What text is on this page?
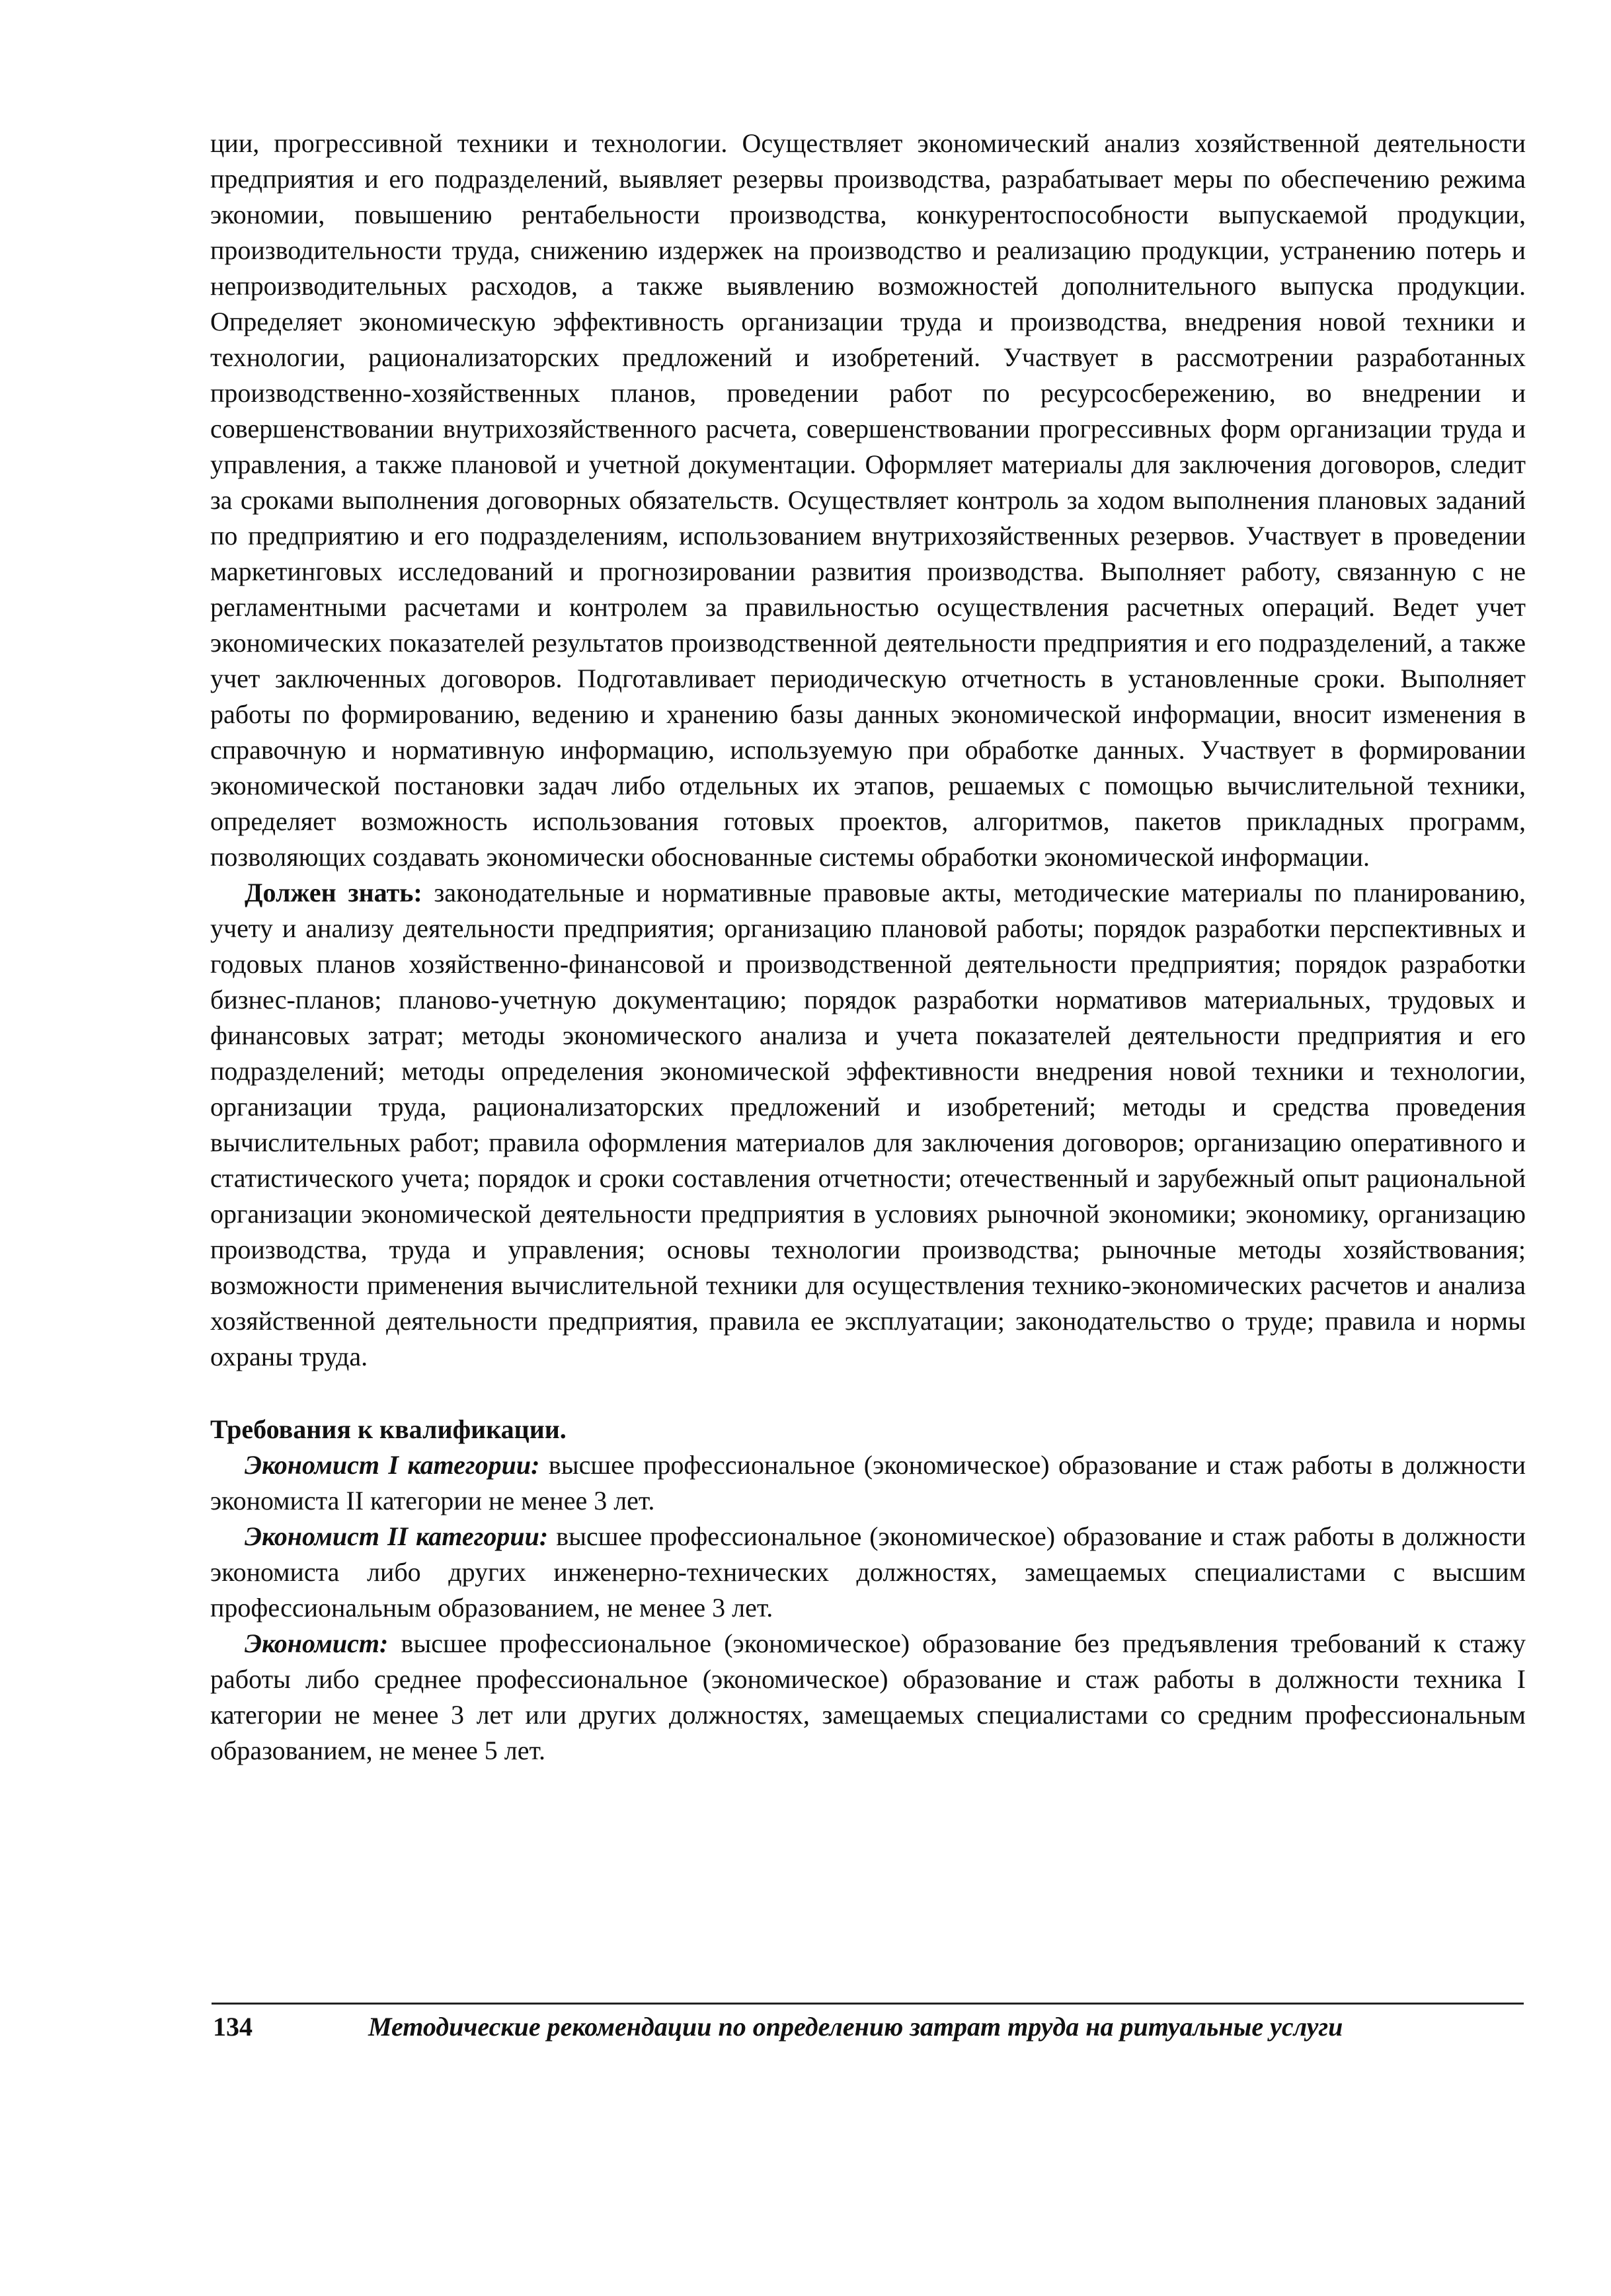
ции, прогрессивной техники и технологии. Осуществляет экономический анализ хозяйственной деятельности предприятия и его подразделений, выявляет резервы производства, разрабатывает меры по обеспечению режима экономии, повышению рентабельности производства, конкурентоспособности выпускаемой продукции, производительности труда, снижению издержек на производство и реализацию продукции, устранению потерь и непроизводительных расходов, а также выявлению возможностей дополнительного выпуска продукции. Определяет экономическую эффективность организации труда и производства, внедрения новой техники и технологии, рационализаторских предложений и изобретений. Участвует в рассмотрении разработанных производственно-хозяйственных планов, проведении работ по ресурсосбережению, во внедрении и совершенствовании внутрихозяйственного расчета, совершенствовании прогрессивных форм организации труда и управления, а также плановой и учетной документации. Оформляет материалы для заключения договоров, следит за сроками выполнения договорных обязательств. Осуществляет контроль за ходом выполнения плановых заданий по предприятию и его подразделениям, использованием внутрихозяйственных резервов. Участвует в проведении маркетинговых исследований и прогнозировании развития производства. Выполняет работу, связанную с не регламентными расчетами и контролем за правильностью осуществления расчетных операций. Ведет учет экономических показателей результатов производственной деятельности предприятия и его подразделений, а также учет заключенных договоров. Подготавливает периодическую отчетность в установленные сроки. Выполняет работы по формированию, ведению и хранению базы данных экономической информации, вносит изменения в справочную и нормативную информацию, используемую при обработке данных. Участвует в формировании экономической постановки задач либо отдельных их этапов, решаемых с помощью вычислительной техники, определяет возможность использования готовых проектов, алгоритмов, пакетов прикладных программ, позволяющих создавать экономически обоснованные системы обработки экономической информации.

Должен знать: законодательные и нормативные правовые акты, методические материалы по планированию, учету и анализу деятельности предприятия; организацию плановой работы; порядок разработки перспективных и годовых планов хозяйственно-финансовой и производственной деятельности предприятия; порядок разработки бизнес-планов; планово-учетную документацию; порядок разработки нормативов материальных, трудовых и финансовых затрат; методы экономического анализа и учета показателей деятельности предприятия и его подразделений; методы определения экономической эффективности внедрения новой техники и технологии, организации труда, рационализаторских предложений и изобретений; методы и средства проведения вычислительных работ; правила оформления материалов для заключения договоров; организацию оперативного и статистического учета; порядок и сроки составления отчетности; отечественный и зарубежный опыт рациональной организации экономической деятельности предприятия в условиях рыночной экономики; экономику, организацию производства, труда и управления; основы технологии производства; рыночные методы хозяйствования; возможности применения вычислительной техники для осуществления технико-экономических расчетов и анализа хозяйственной деятельности предприятия, правила ее эксплуатации; законодательство о труде; правила и нормы охраны труда.

Требования к квалификации.

Экономист I категории: высшее профессиональное (экономическое) образование и стаж работы в должности экономиста II категории не менее 3 лет.

Экономист II категории: высшее профессиональное (экономическое) образование и стаж работы в должности экономиста либо других инженерно-технических должностях, замещаемых специалистами с высшим профессиональным образованием, не менее 3 лет.

Экономист: высшее профессиональное (экономическое) образование без предъявления требований к стажу работы либо среднее профессиональное (экономическое) образование и стаж работы в должности техника I категории не менее 3 лет или других должностях, замещаемых специалистами со средним профессиональным образованием, не менее 5 лет.

134	Методические рекомендации по определению затрат труда на ритуальные услуги
